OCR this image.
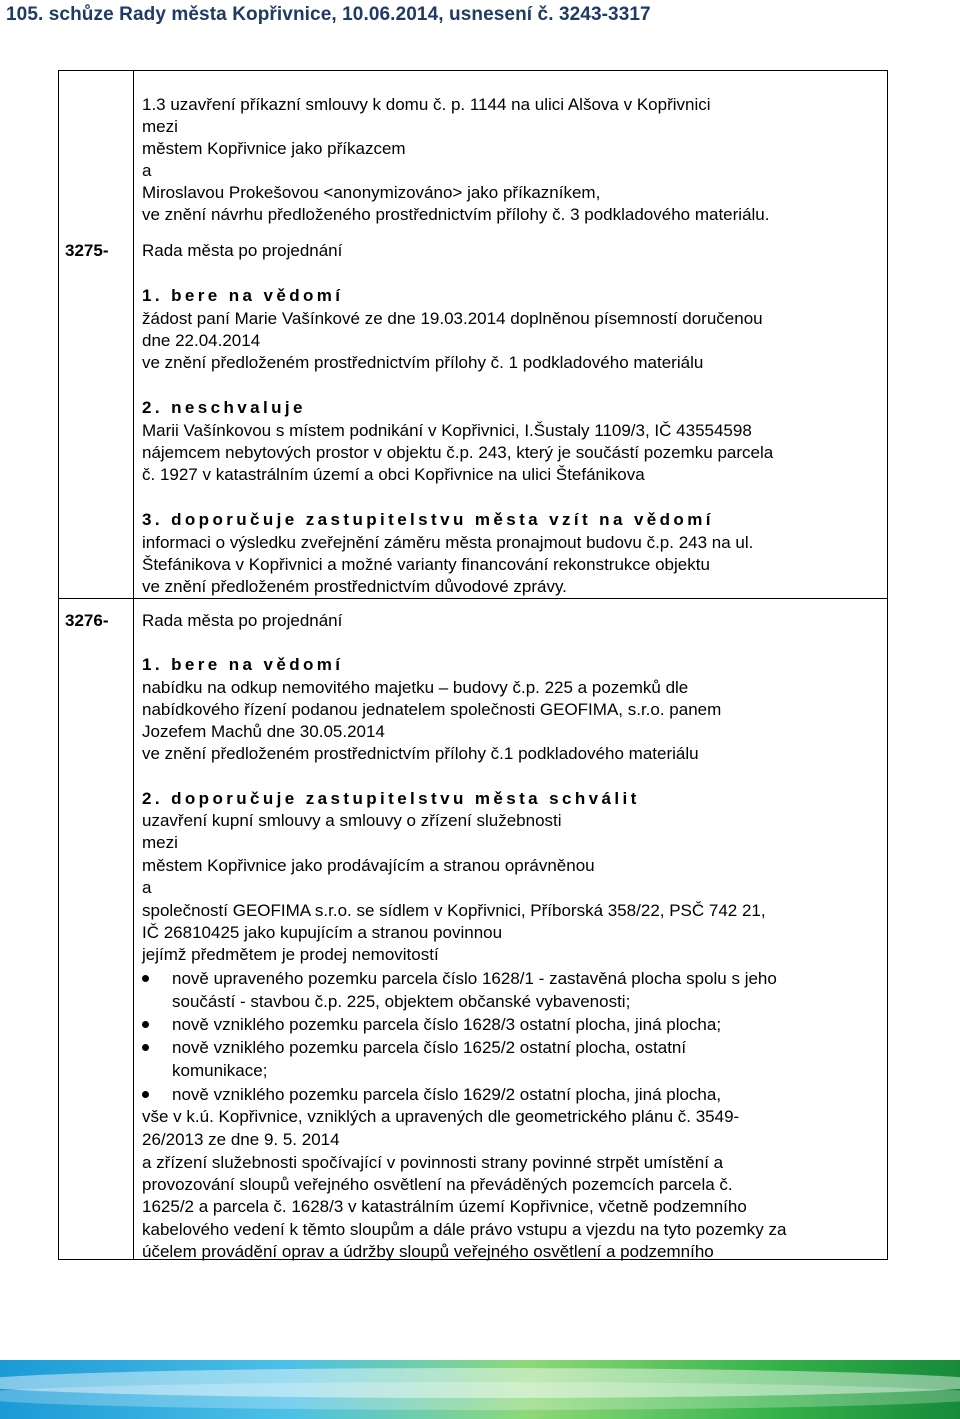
105. schůze Rady města Kopřivnice, 10.06.2014, usnesení č. 3243-3317
1.3 uzavření příkazní smlouvy k domu č. p. 1144 na ulici Alšova v Kopřivnici
mezi
městem Kopřivnice jako příkazcem
a
Miroslavou Prokešovou <anonymizováno> jako příkazníkem,
ve znění návrhu předloženého prostřednictvím přílohy č. 3 podkladového materiálu.
3275- Rada města po projednání
1. bere na vědomí
žádost paní Marie Vašínkové ze dne 19.03.2014 doplněnou písemností doručenou
dne 22.04.2014
ve znění předloženém prostřednictvím přílohy č. 1 podkladového materiálu
2. neschvaluje
Marii Vašínkovou s místem podnikání v Kopřivnici, I.Šustaly 1109/3, IČ 43554598
nájemcem nebytových prostor v objektu č.p. 243, který je součástí pozemku parcela
č. 1927 v katastrálním území a obci Kopřivnice na ulici Štefánikova
3. doporučuje zastupitelstvu města vzít na vědomí
informaci o výsledku zveřejnění záměru města pronajmout budovu č.p. 243 na ul.
Štefánikova v Kopřivnici a možné varianty financování rekonstrukce objektu
ve znění předloženém prostřednictvím důvodové zprávy.
3276- Rada města po projednání
1. bere na vědomí
nabídku na odkup nemovitého majetku – budovy č.p. 225 a pozemků dle
nabídkového řízení podanou jednatelem společnosti GEOFIMA, s.r.o. panem
Jozefem Machů dne 30.05.2014
ve znění předloženém prostřednictvím přílohy č.1 podkladového materiálu
2. doporučuje zastupitelstvu města schválit
uzavření kupní smlouvy a smlouvy o zřízení služebnosti
mezi
městem Kopřivnice jako prodávajícím a stranou oprávněnou
a
společností GEOFIMA s.r.o. se sídlem v Kopřivnici, Příborská 358/22, PSČ 742 21,
IČ 26810425 jako kupujícím a stranou povinnou
jejímž předmětem je prodej nemovitostí
nově upraveného pozemku parcela číslo 1628/1 - zastavěná plocha spolu s jeho
součástí - stavbou č.p. 225, objektem občanské vybavenosti;
nově vzniklého pozemku parcela číslo 1628/3 ostatní plocha, jiná plocha;
nově vzniklého pozemku parcela číslo 1625/2 ostatní plocha, ostatní
komunikace;
nově vzniklého pozemku parcela číslo 1629/2 ostatní plocha, jiná plocha,
vše v k.ú. Kopřivnice, vzniklých a upravených dle geometrického plánu č. 3549-
26/2013 ze dne 9. 5. 2014
a zřízení služebnosti spočívající v povinnosti strany povinné strpět umístění a
provozování sloupů veřejného osvětlení na převáděných pozemcích parcela č.
1625/2 a parcela č. 1628/3 v katastrálním území Kopřivnice, včetně podzemního
kabelového vedení k těmto sloupům a dále právo vstupu a vjezdu na tyto pozemky za
účelem provádění oprav a údržby sloupů veřejného osvětlení a podzemního
